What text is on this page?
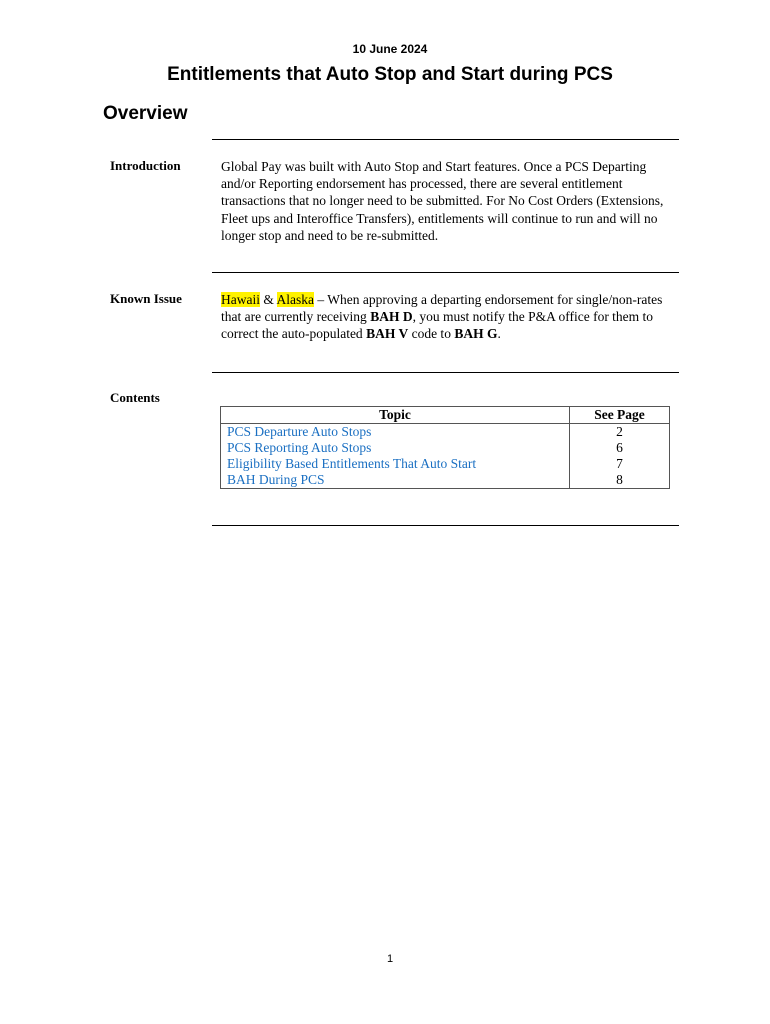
10 June 2024
Entitlements that Auto Stop and Start during PCS
Overview
Introduction	Global Pay was built with Auto Stop and Start features. Once a PCS Departing and/or Reporting endorsement has processed, there are several entitlement transactions that no longer need to be submitted. For No Cost Orders (Extensions, Fleet ups and Interoffice Transfers), entitlements will continue to run and will no longer stop and need to be re-submitted.
Known Issue	Hawaii & Alaska – When approving a departing endorsement for single/non-rates that are currently receiving BAH D, you must notify the P&A office for them to correct the auto-populated BAH V code to BAH G.
Contents
Topic	See Page
PCS Departure Auto Stops	2
PCS Reporting Auto Stops	6
Eligibility Based Entitlements That Auto Start	7
BAH During PCS	8
1
